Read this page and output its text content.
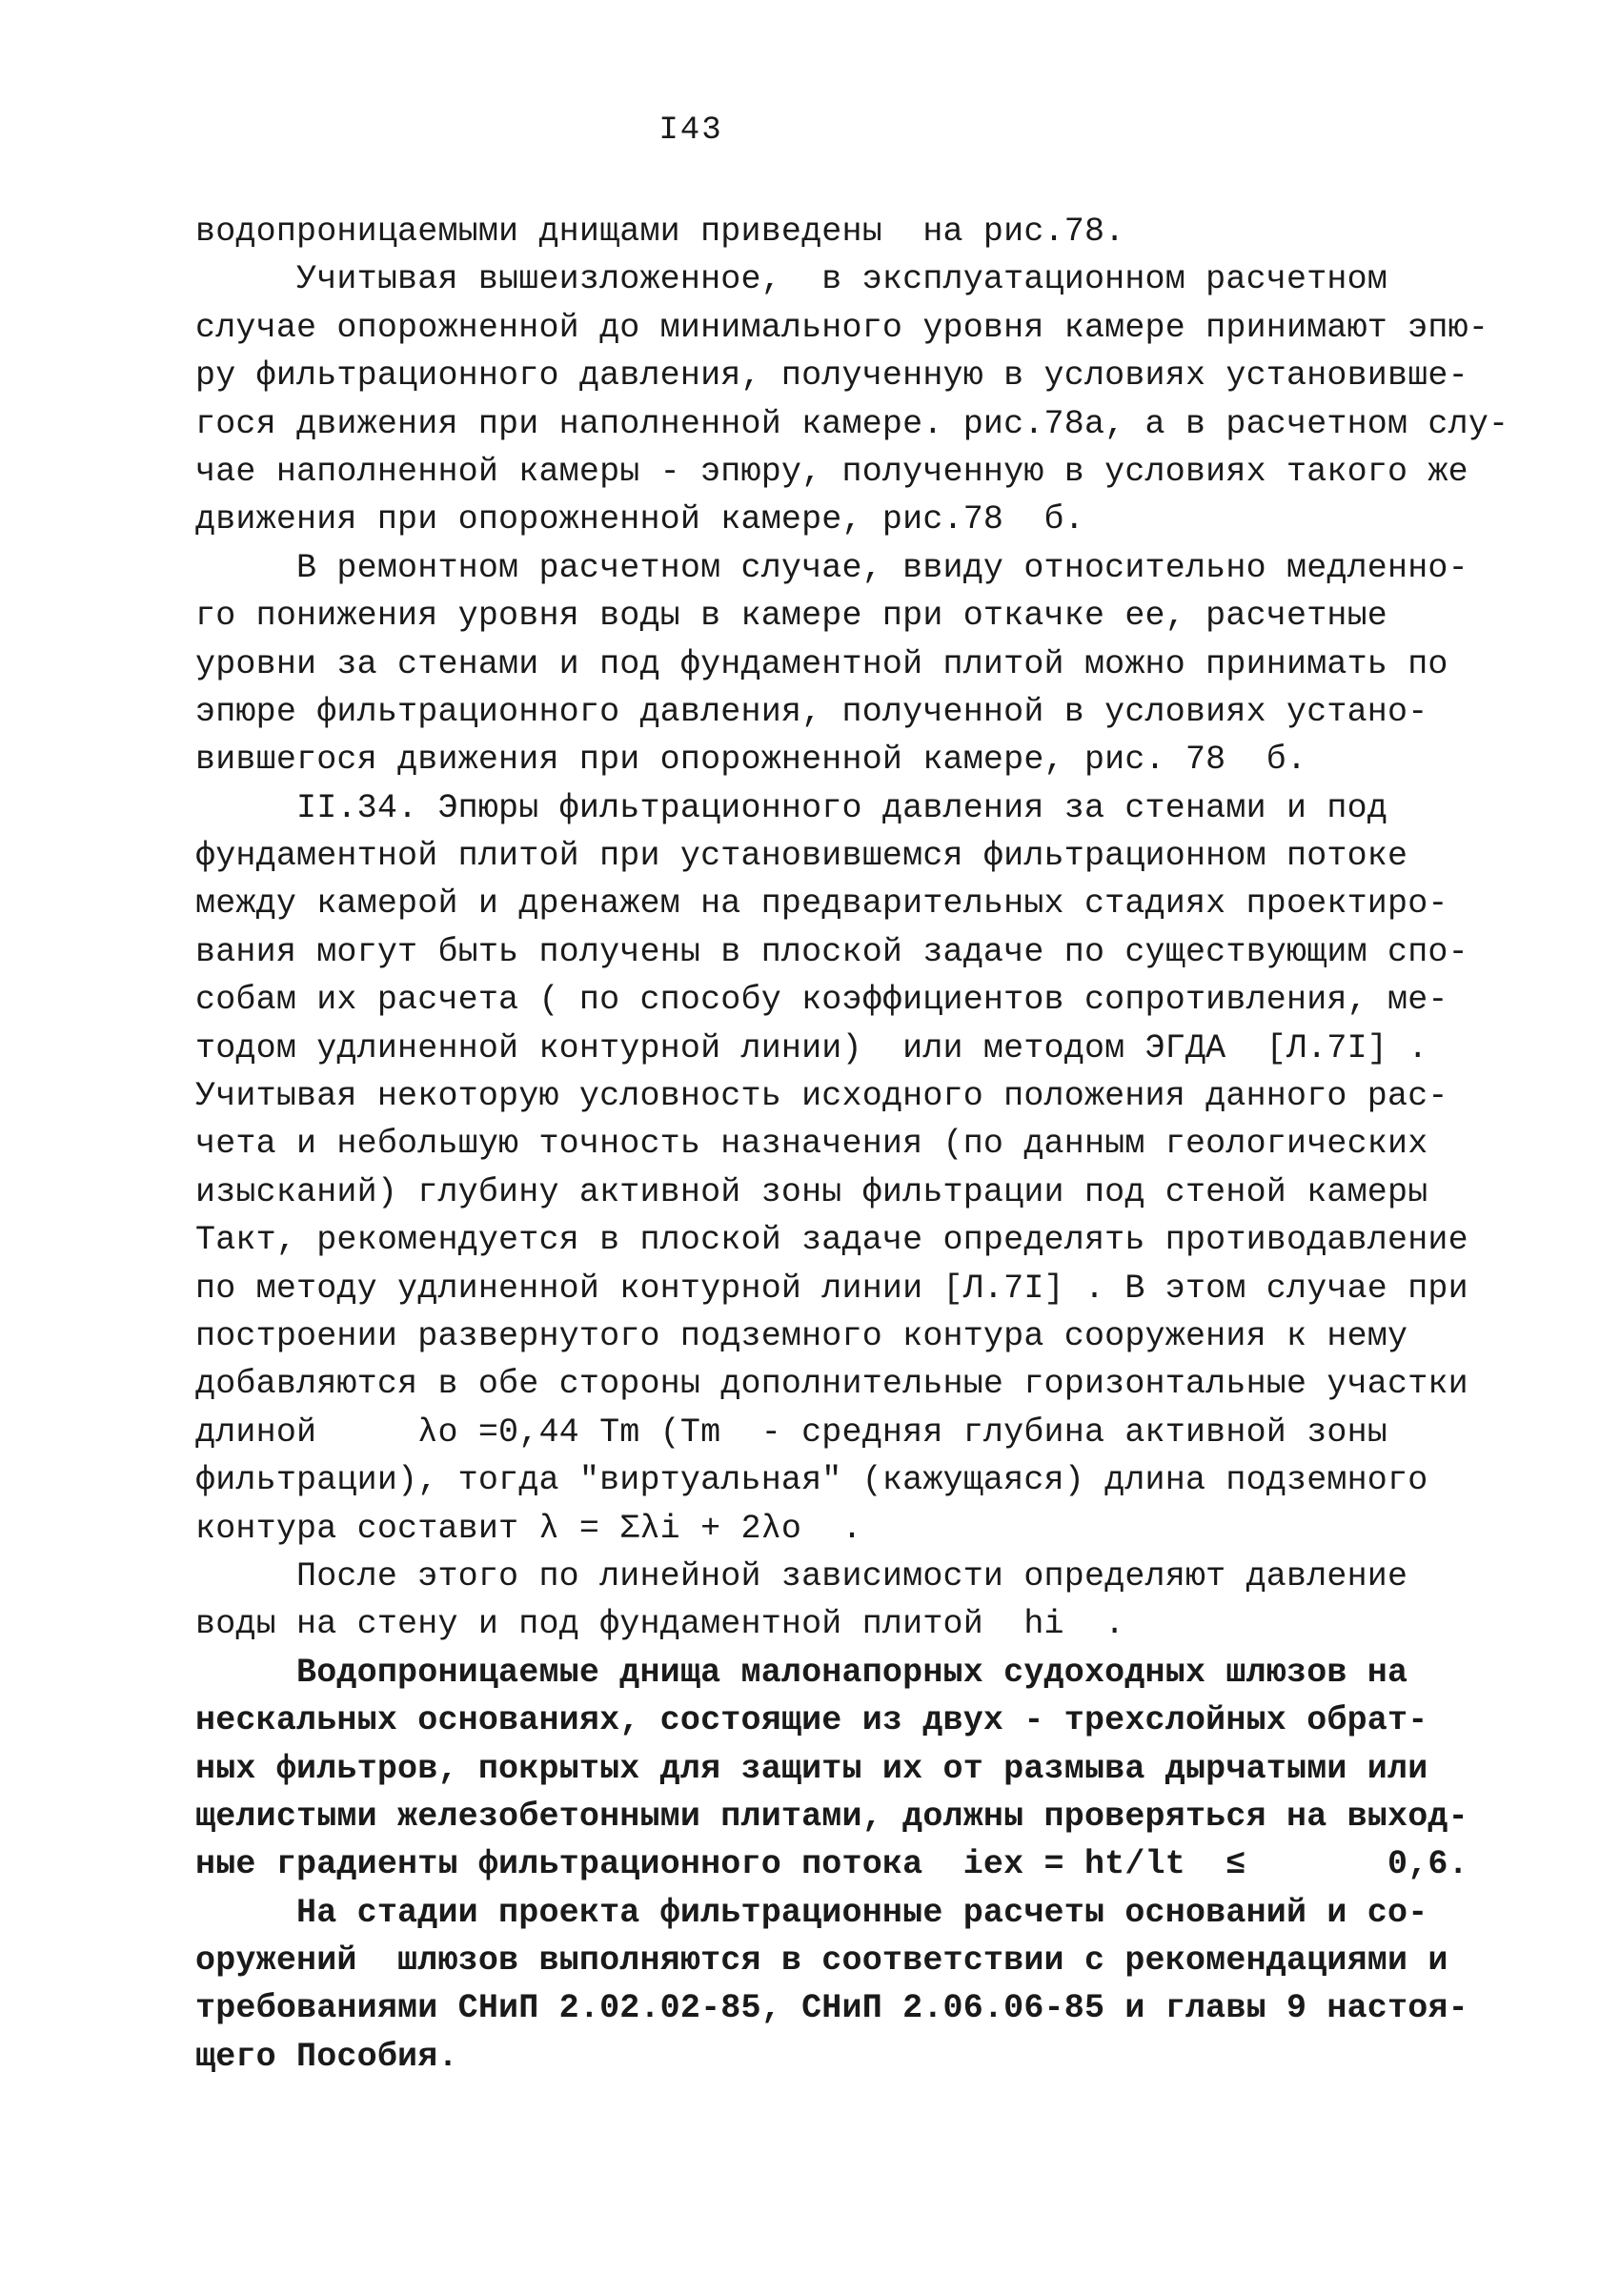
I43
водопроницаемыми днищами приведены  на рис.78.
Учитывая вышеизложенное,  в эксплуатационном расчетном
случае опорожненной до минимального уровня камере принимают эпю-
ру фильтрационного давления, полученную в условиях установивше-
гося движения при наполненной камере. рис.78а, а в расчетном слу-
чае наполненной камеры - эпюру, полученную в условиях такого же
движения при опорожненной камере, рис.78  б.
В ремонтном расчетном случае, ввиду относительно медленно-
го понижения уровня воды в камере при откачке ее, расчетные
уровни за стенами и под фундаментной плитой можно принимать по
эпюре фильтрационного давления, полученной в условиях устано-
вившегося движения при опорожненной камере, рис. 78  б.
II.34. Эпюры фильтрационного давления за стенами и под
фундаментной плитой при установившемся фильтрационном потоке
между камерой и дренажем на предварительных стадиях проектиро-
вания могут быть получены в плоской задаче по существующим спо-
собам их расчета ( по способу коэффициентов сопротивления, ме-
тодом удлиненной контурной линии)  или методом ЭГДА  [Л.7I] .
Учитывая некоторую условность исходного положения данного рас-
чета и небольшую точность назначения (по данным геологических
изысканий) глубину активной зоны фильтрации под стеной камеры
Tакт, рекомендуется в плоской задаче определять противодавление
по методу удлиненной контурной линии [Л.7I] . В этом случае при
построении развернутого подземного контура сооружения к нему
добавляются в обе стороны дополнительные горизонтальные участки
длиной     λо =0,44 Tm (Tm  - средняя глубина активной зоны
фильтрации), тогда "виртуальная" (кажущаяся) длина подземного
контура составит λ = Σλi + 2λо  .
После этого по линейной зависимости определяют давление
воды на стену и под фундаментной плитой  hi  .
Водопроницаемые днища малонапорных судоходных шлюзов на
нескальных основаниях, состоящие из двух - трехслойных обрат-
ных фильтров, покрытых для защиты их от размыва дырчатыми или
щелистыми железобетонными плитами, должны проверяться на выход-
ные градиенты фильтрационного потока  iех = ht/lt  ≤       0,6.
На стадии проекта фильтрационные расчеты оснований и со-
оружений  шлюзов выполняются в соответствии с рекомендациями и
требованиями СНиП 2.02.02-85, СНиП 2.06.06-85 и главы 9 настоя-
щего Пособия.
